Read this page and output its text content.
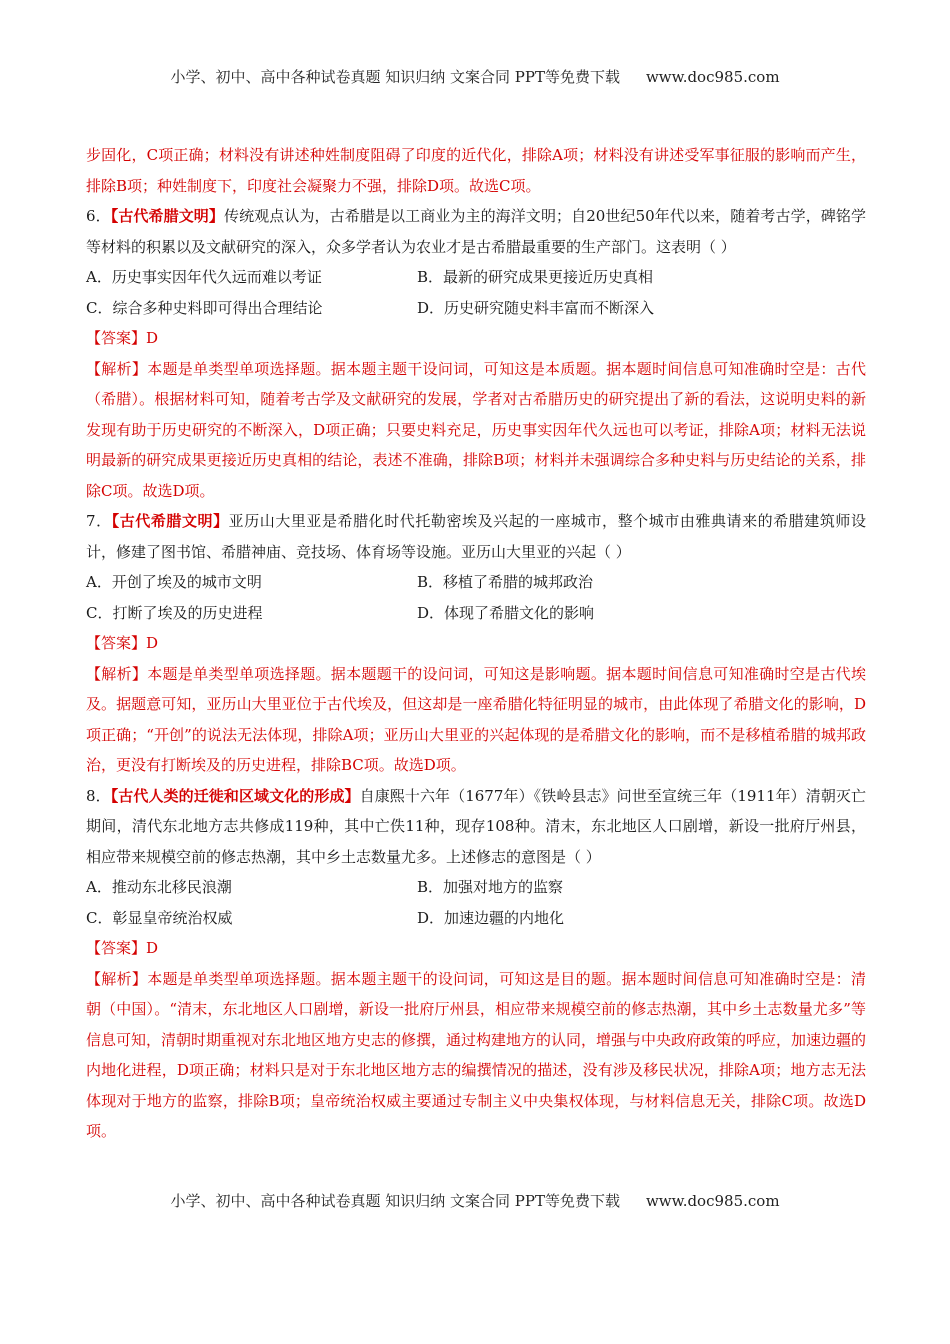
小学、初中、高中各种试卷真题 知识归纳 文案合同 PPT等免费下载 www.doc985.com

步固化，C项正确；材料没有讲述种姓制度阻碍了印度的近代化，排除A项；材料没有讲述受军事征服的影响而产生，排除B项；种姓制度下，印度社会凝聚力不强，排除D项。故选C项。

6．【古代希腊文明】传统观点认为，古希腊是以工商业为主的海洋文明；自20世纪50年代以来，随着考古学，碑铭学等材料的积累以及文献研究的深入，众多学者认为农业才是古希腊最重要的生产部门。这表明（ ）

A．历史事实因年代久远而难以考证	B．最新的研究成果更接近历史真相
C．综合多种史料即可得出合理结论	D．历史研究随史料丰富而不断深入

【答案】D

【解析】本题是单类型单项选择题。据本题主题干设问词，可知这是本质题。据本题时间信息可知准确时空是：古代（希腊）。根据材料可知，随着考古学及文献研究的发展，学者对古希腊历史的研究提出了新的看法，这说明史料的新发现有助于历史研究的不断深入，D项正确；只要史料充足，历史事实因年代久远也可以考证，排除A项；材料无法说明最新的研究成果更接近历史真相的结论，表述不准确，排除B项；材料并未强调综合多种史料与历史结论的关系，排除C项。故选D项。

7．【古代希腊文明】亚历山大里亚是希腊化时代托勒密埃及兴起的一座城市，整个城市由雅典请来的希腊建筑师设计，修建了图书馆、希腊神庙、竞技场、体育场等设施。亚历山大里亚的兴起（ ）

A．开创了埃及的城市文明	B．移植了希腊的城邦政治
C．打断了埃及的历史进程	D．体现了希腊文化的影响

【答案】D

【解析】本题是单类型单项选择题。据本题题干的设问词，可知这是影响题。据本题时间信息可知准确时空是古代埃及。据题意可知，亚历山大里亚位于古代埃及，但这却是一座希腊化特征明显的城市，由此体现了希腊文化的影响，D项正确；“开创”的说法无法体现，排除A项；亚历山大里亚的兴起体现的是希腊文化的影响，而不是移植希腊的城邦政治，更没有打断埃及的历史进程，排除BC项。故选D项。

8．【古代人类的迁徙和区域文化的形成】自康熙十六年（1677年）《铁岭县志》问世至宣统三年（1911年）清朝灭亡期间，清代东北地方志共修成119种，其中亡佚11种，现存108种。清末，东北地区人口剧增，新设一批府厅州县，相应带来规模空前的修志热潮，其中乡土志数量尤多。上述修志的意图是（ ）

A．推动东北移民浪潮	B．加强对地方的监察
C．彰显皇帝统治权威	D．加速边疆的内地化

【答案】D

【解析】本题是单类型单项选择题。据本题主题干的设问词，可知这是目的题。据本题时间信息可知准确时空是：清朝（中国）。“清末，东北地区人口剧增，新设一批府厅州县，相应带来规模空前的修志热潮，其中乡土志数量尤多”等信息可知，清朝时期重视对东北地区地方史志的修撰，通过构建地方的认同，增强与中央政府政策的呼应，加速边疆的内地化进程，D项正确；材料只是对于东北地区地方志的编撰情况的描述，没有涉及移民状况，排除A项；地方志无法体现对于地方的监察，排除B项；皇帝统治权威主要通过专制主义中央集权体现，与材料信息无关，排除C项。故选D项。

小学、初中、高中各种试卷真题 知识归纳 文案合同 PPT等免费下载 www.doc985.com
